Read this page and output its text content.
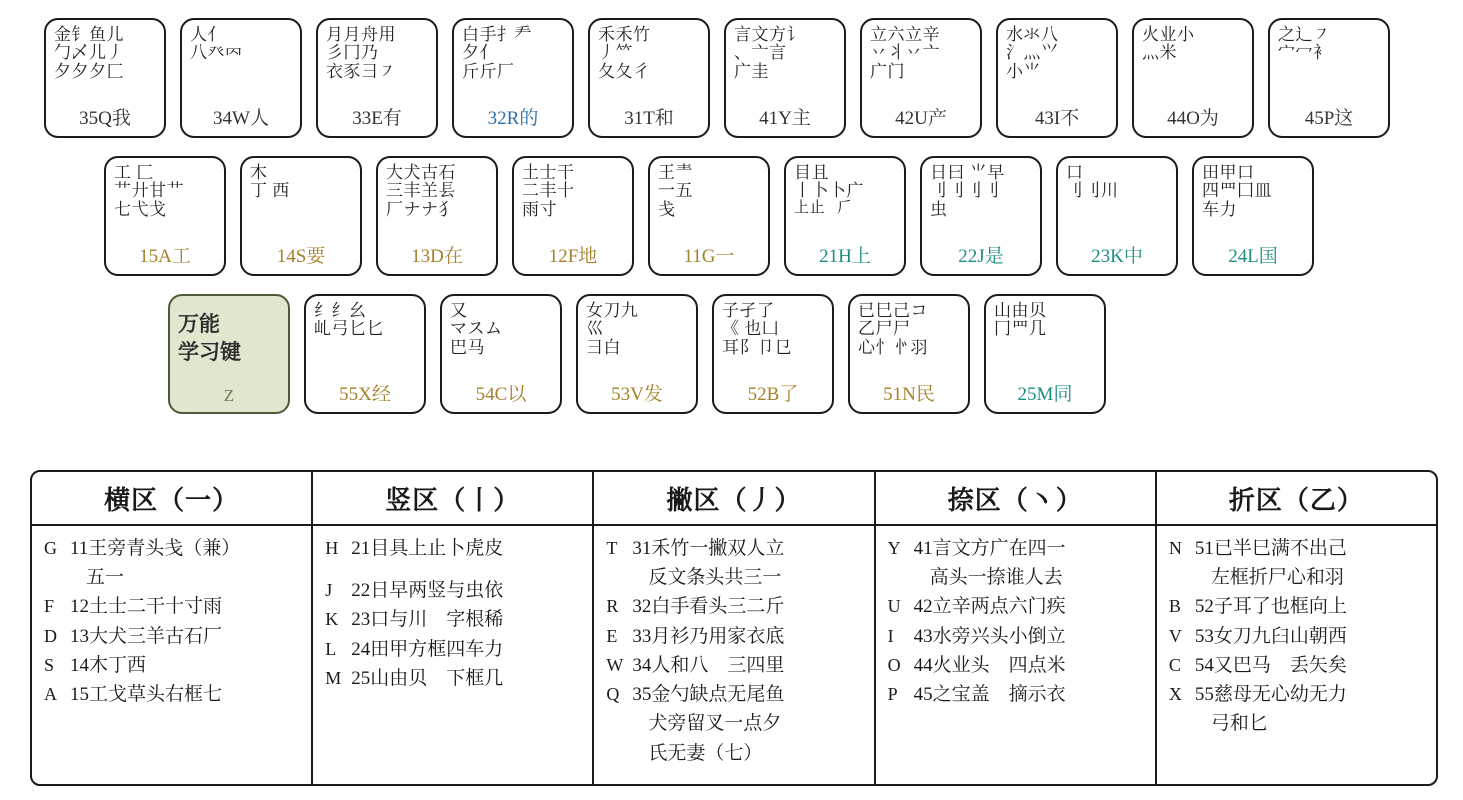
金钅鱼儿
勹乄儿丿
夕夕夕匚
35Q我
人亻
八癶𠔿
34W人
月月舟用
彡冂乃
衣豕彐㇇
33E有
白手扌龵
夕亻
斤斤厂
32R的
禾禾竹
丿𥫗
夂夂彳
31T和
言文方讠
、亠言
广圭
41Y主
立六立辛
丷丬丷亠
广门
42U产
水氺八
氵灬⺍
小⺌
43I不
火业小
灬米
44O为
之辶㇇
宀冖衤
45P这
工 匚
艹廾甘艹
七弋戈
15A工
木
丁 西
14S要
大犬古石
三丰𦍌镸
厂ナナ犭
13D在
土士干
二丰十
雨寸
12F地
王龶
一五
戋
11G一
目且
丨卜卜广
上止𧿨𠂆
21H上
日曰 ⺌早
刂刂刂刂
虫
22J是
口
刂刂川
23K中
田甲口
四罒囗皿
车力
24L国
万能
学习键
Z
纟纟幺
乢弓匕匕
55X经
又
マスム
巴马
54C以
女刀九
巛
彐白
53V发
子孑了
《 也凵
耳阝卩㔾
52B了
已巳己コ
乙尸尸
心忄㣺羽
51N民
山由贝
冂罒几
25M同
横区（一）
G 11王旁青头戋（兼）
五一
F 12土士二干十寸雨
D 13大犬三羊古石厂
S 14木丁西
A 15工戈草头右框七
竖区（丨）
H 21目具上止卜虎皮
J 22日早两竖与虫依
K 23口与川　字根稀
L 24田甲方框四车力
M 25山由贝　下框几
撇区（丿）
T 31禾竹一撇双人立
反文条头共三一
R 32白手看头三二斤
E 33月衫乃用家衣底
W 34人和八　三四里
Q 35金勺缺点无尾鱼
犬旁留叉一点夕
氏无妻（七）
捺区（丶）
Y 41言文方广在四一
高头一捺谁人去
U 42立辛两点六门疾
I	43水旁兴头小倒立
O 44火业头　四点米
P 45之宝盖　摘示衣
折区（乙）
N 51已半巳满不出己
左框折尸心和羽
B 52子耳了也框向上
V 53女刀九臼山朝西
C 54又巴马　丢矢矣
X 55慈母无心幼无力
弓和匕
